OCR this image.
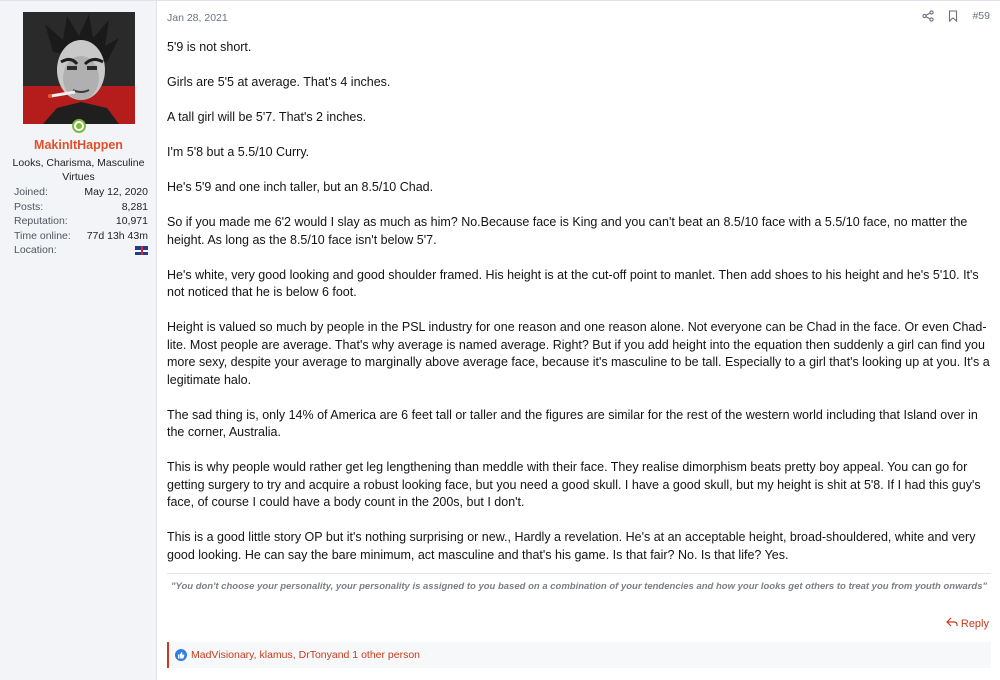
MakinItHappen
Looks, Charisma, Masculine Virtues
Joined:	May 12, 2020
Posts:	8,281
Reputation:	10,971
Time online: 77d 13h 43m
Location:
Jan 28, 2021	#59

5'9 is not short.

Girls are 5'5 at average. That's 4 inches.

A tall girl will be 5'7. That's 2 inches.

I'm 5'8 but a 5.5/10 Curry.

He's 5'9 and one inch taller, but an 8.5/10 Chad.

So if you made me 6'2 would I slay as much as him? No.Because face is King and you can't beat an 8.5/10 face with a 5.5/10 face, no matter the height. As long as the 8.5/10 face isn't below 5'7.

He's white, very good looking and good shoulder framed. His height is at the cut-off point to manlet. Then add shoes to his height and he's 5'10. It's not noticed that he is below 6 foot.

Height is valued so much by people in the PSL industry for one reason and one reason alone. Not everyone can be Chad in the face. Or even Chad-lite. Most people are average. That's why average is named average. Right? But if you add height into the equation then suddenly a girl can find you more sexy, despite your average to marginally above average face, because it's masculine to be tall. Especially to a girl that's looking up at you. It's a legitimate halo.

The sad thing is, only 14% of America are 6 feet tall or taller and the figures are similar for the rest of the western world including that Island over in the corner, Australia.

This is why people would rather get leg lengthening than meddle with their face. They realise dimorphism beats pretty boy appeal. You can go for getting surgery to try and acquire a robust looking face, but you need a good skull. I have a good skull, but my height is shit at 5'8. If I had this guy's face, of course I could have a body count in the 200s, but I don't.

This is a good little story OP but it's nothing surprising or new., Hardly a revelation. He's at an acceptable height, broad-shouldered, white and very good looking. He can say the bare minimum, act masculine and that's his game. Is that fair? No. Is that life? Yes.

"You don't choose your personality, your personality is assigned to you based on a combination of your tendencies and how your looks get others to treat you from youth onwards"
Reply
MadVisionary, klamus, DrTony and 1 other person
